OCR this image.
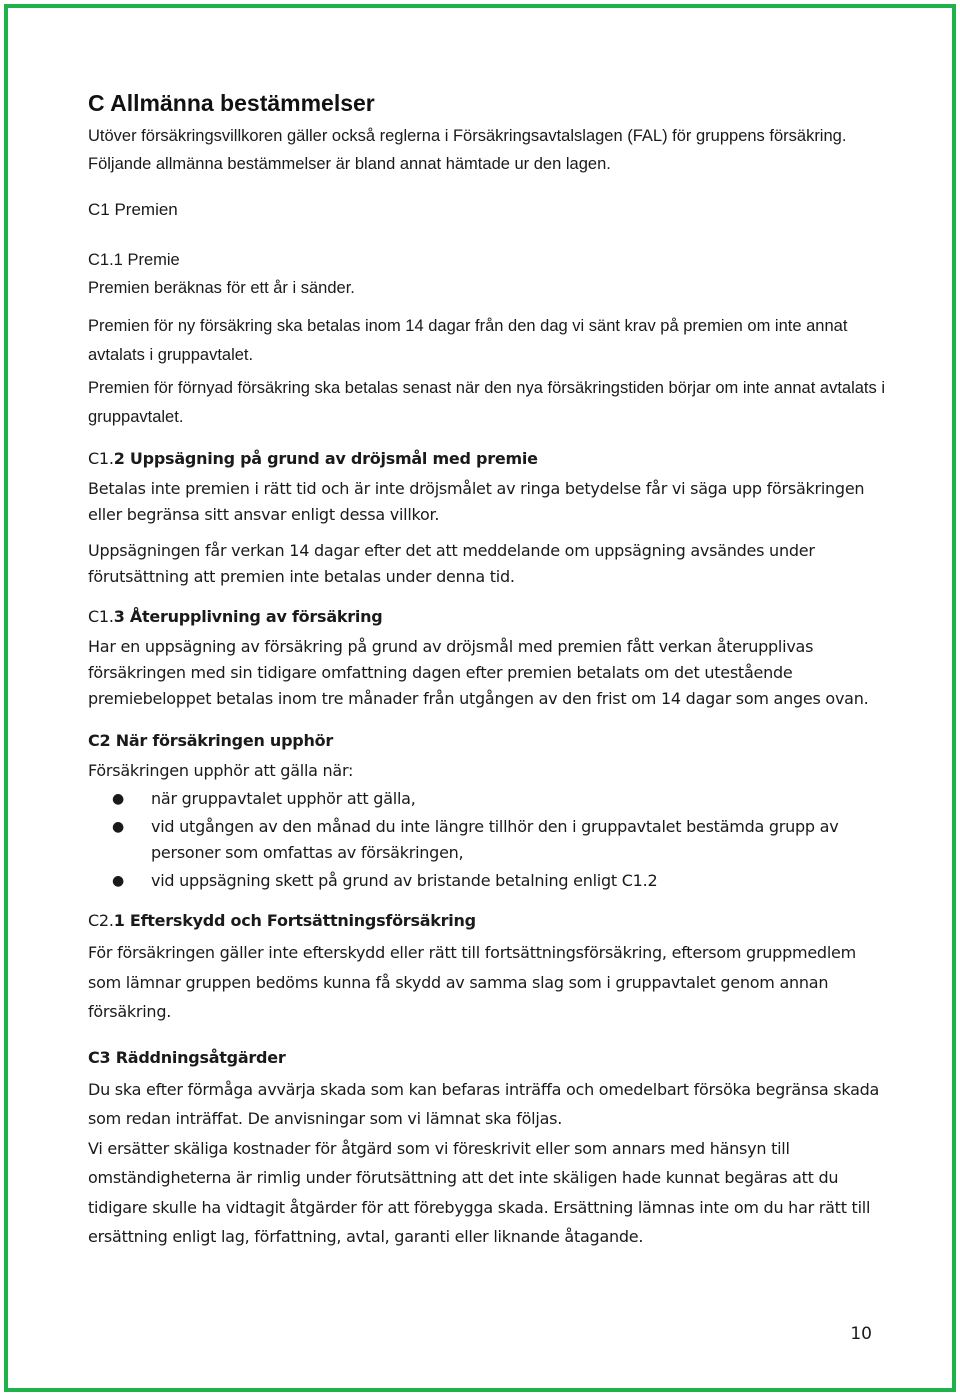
C Allmänna bestämmelser

Utöver försäkringsvillkoren gäller också reglerna i Försäkringsavtalslagen (FAL) för gruppens försäkring. Följande allmänna bestämmelser är bland annat hämtade ur den lagen.

C1 Premien

C1.1 Premie

Premien beräknas för ett år i sänder.

Premien för ny försäkring ska betalas inom 14 dagar från den dag vi sänt krav på premien om inte annat avtalats i gruppavtalet.

Premien för förnyad försäkring ska betalas senast när den nya försäkringstiden börjar om inte annat avtalats i gruppavtalet.

C1.2 Uppsägning på grund av dröjsmål med premie

Betalas inte premien i rätt tid och är inte dröjsmålet av ringa betydelse får vi säga upp försäkringen eller begränsa sitt ansvar enligt dessa villkor.

Uppsägningen får verkan 14 dagar efter det att meddelande om uppsägning avsändes under förutsättning att premien inte betalas under denna tid.

C1.3 Återupplivning av försäkring

Har en uppsägning av försäkring på grund av dröjsmål med premien fått verkan återupplivas försäkringen med sin tidigare omfattning dagen efter premien betalats om det utestående premiebeloppet betalas inom tre månader från utgången av den frist om 14 dagar som anges ovan.

C2 När försäkringen upphör

Försäkringen upphör att gälla när:

● när gruppavtalet upphör att gälla,
● vid utgången av den månad du inte längre tillhör den i gruppavtalet bestämda grupp av personer som omfattas av försäkringen,
● vid uppsägning skett på grund av bristande betalning enligt C1.2

C2.1 Efterskydd och Fortsättningsförsäkring

För försäkringen gäller inte efterskydd eller rätt till fortsättningsförsäkring, eftersom gruppmedlem som lämnar gruppen bedöms kunna få skydd av samma slag som i gruppavtalet genom annan försäkring.

C3 Räddningsåtgärder

Du ska efter förmåga avvärja skada som kan befaras inträffa och omedelbart försöka begränsa skada som redan inträffat. De anvisningar som vi lämnat ska följas.

Vi ersätter skäliga kostnader för åtgärd som vi föreskrivit eller som annars med hänsyn till omständigheterna är rimlig under förutsättning att det inte skäligen hade kunnat begäras att du tidigare skulle ha vidtagit åtgärder för att förebygga skada. Ersättning lämnas inte om du har rätt till ersättning enligt lag, författning, avtal, garanti eller liknande åtagande.

10
